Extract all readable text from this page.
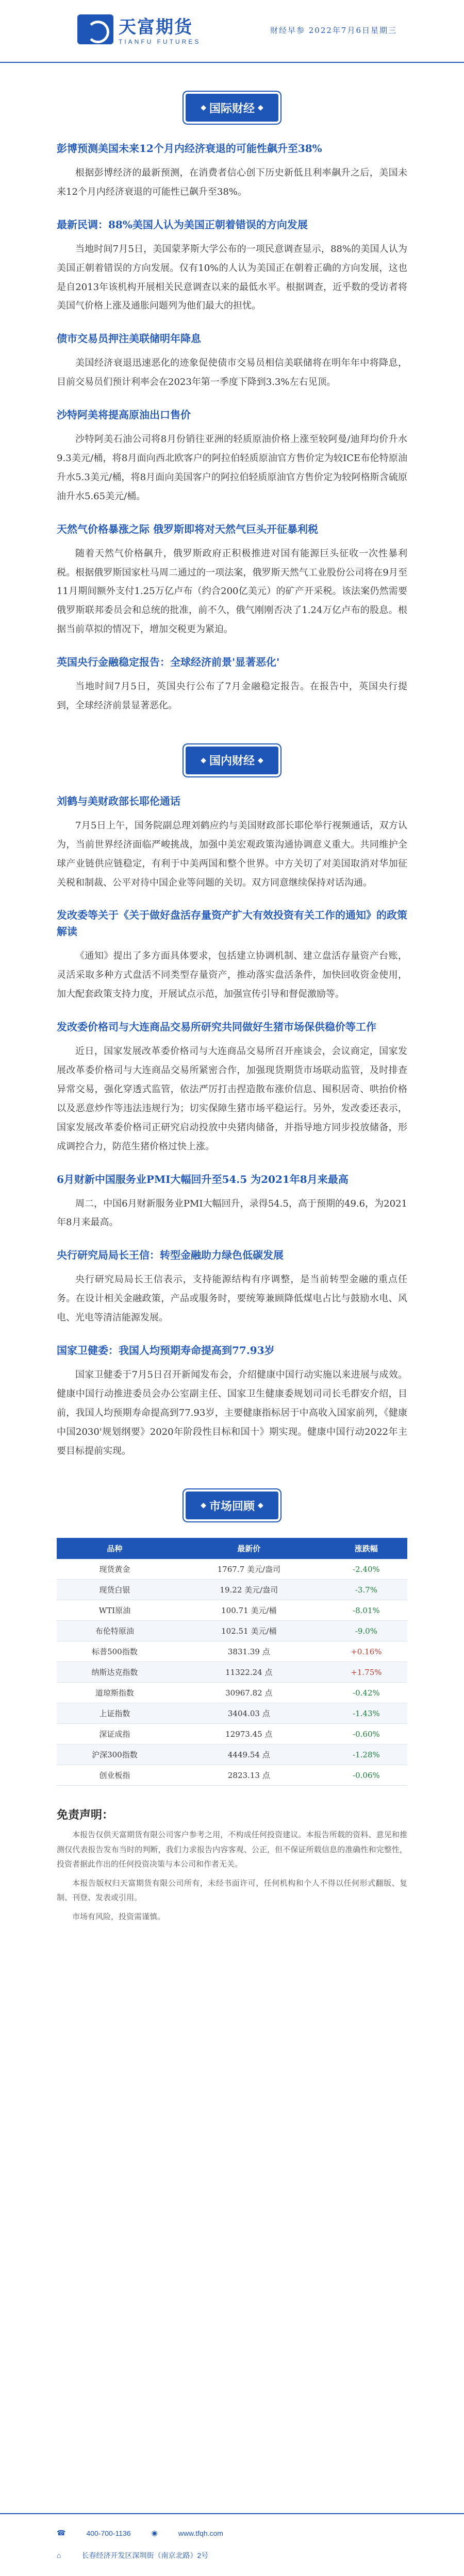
天富期货
TIANFU FUTURES
财经早参 2022年7月6日星期三
◆ 国际财经 ◆
彭博预测美国未来12个月内经济衰退的可能性飙升至38%

根据彭博经济的最新预测，在消费者信心创下历史新低且利率飙升之后，美国未来12个月内经济衰退的可能性已飙升至38%。

最新民调：88%美国人认为美国正朝着错误的方向发展

当地时间7月5日，美国蒙茅斯大学公布的一项民意调查显示，88%的美国人认为美国正朝着错误的方向发展。仅有10%的人认为美国正在朝着正确的方向发展，这也是自2013年该机构开展相关民意调查以来的最低水平。根据调查，近乎数的受访者将美国气价格上涨及通胀问题列为他们最大的担忧。

债市交易员押注美联储明年降息

美国经济衰退迅速恶化的迹象促使债市交易员相信美联储将在明年年中将降息，目前交易员们预计利率会在2023年第一季度下降到3.3%左右见顶。

沙特阿美将提高原油出口售价

沙特阿美石油公司将8月份销往亚洲的轻质原油价格上涨至较阿曼/迪拜均价升水9.3美元/桶，将8月面向西北欧客户的阿拉伯轻质原油官方售价定为较ICE布伦特原油升水5.3美元/桶，将8月面向美国客户的阿拉伯轻质原油官方售价定为较阿格斯含硫原油升水5.65美元/桶。

天然气价格暴涨之际 俄罗斯即将对天然气巨头开征暴利税

随着天然气价格飙升，俄罗斯政府正积极推进对国有能源巨头征收一次性暴利税。根据俄罗斯国家杜马周二通过的一项法案，俄罗斯天然气工业股份公司将在9月至11月期间额外支付1.25万亿卢布（约合200亿美元）的矿产开采税。该法案仍然需要俄罗斯联邦委员会和总统的批准，前不久，俄气刚刚否决了1.24万亿卢布的股息。根据当前草拟的情况下，增加交税更为紧迫。

英国央行金融稳定报告：全球经济前景'显著恶化'

当地时间7月5日，英国央行公布了7月金融稳定报告。在报告中，英国央行提到，全球经济前景显著恶化。

◆ 国内财经 ◆
刘鹤与美财政部长耶伦通话

7月5日上午，国务院副总理刘鹤应约与美国财政部长耶伦举行视频通话，双方认为，当前世界经济面临严峻挑战，加强中美宏观政策沟通协调意义重大。共同维护全球产业链供应链稳定，有利于中美两国和整个世界。中方关切了对美国取消对华加征关税和制裁、公平对待中国企业等问题的关切。双方同意继续保持对话沟通。

发改委等关于《关于做好盘活存量资产扩大有效投资有关工作的通知》的政策解读

《通知》提出了多方面具体要求，包括建立协调机制、建立盘活存量资产台账，灵活采取多种方式盘活不同类型存量资产，推动落实盘活条件，加快回收资金使用，加大配套政策支持力度，开展试点示范，加强宣传引导和督促激励等。

发改委价格司与大连商品交易所研究共同做好生猪市场保供稳价等工作

近日，国家发展改革委价格司与大连商品交易所召开座谈会，会议商定，国家发展改革委价格司与大连商品交易所紧密合作，加强现货期货市场联动监管，及时排查异常交易，强化穿透式监管，依法严厉打击捏造散布涨价信息、囤积居奇、哄抬价格以及恶意炒作等违法违规行为；切实保障生猪市场平稳运行。另外，发改委还表示，国家发展改革委价格司正研究启动投放中央猪肉储备，并指导地方同步投放储备，形成调控合力，防范生猪价格过快上涨。

6月财新中国服务业PMI大幅回升至54.5 为2021年8月来最高

周二，中国6月财新服务业PMI大幅回升，录得54.5，高于预期的49.6，为2021年8月来最高。

央行研究局局长王信：转型金融助力绿色低碳发展

央行研究局局长王信表示，支持能源结构有序调整，是当前转型金融的重点任务。在设计相关金融政策，产品或服务时，要统筹兼顾降低煤电占比与鼓励水电、风电、光电等清洁能源发展。

国家卫健委：我国人均预期寿命提高到77.93岁

国家卫健委于7月5日召开新闻发布会，介绍健康中国行动实施以来进展与成效。健康中国行动推进委员会办公室副主任、国家卫生健康委规划司司长毛群安介绍，目前，我国人均预期寿命提高到77.93岁，主要健康指标居于中高收入国家前列，《健康中国2030'规划纲要》2020年阶段性目标和国十》期实现。健康中国行动2022年主要目标提前实现。

◆ 市场回顾 ◆
品种	最新价	涨跌幅
现货黄金	1767.7 美元/盎司	-2.40%
现货白银	19.22 美元/盎司	-3.7%
WTI原油	100.71 美元/桶	-8.01%
布伦特原油	102.51 美元/桶	-9.0%
标普500指数	3831.39 点	+0.16%
纳斯达克指数	11322.24 点	+1.75%
道琼斯指数	30967.82 点	-0.42%
上证指数	3404.03 点	-1.43%
深证成指	12973.45 点	-0.60%
沪深300指数	4449.54 点	-1.28%
创业板指	2823.13 点	-0.06%
免责声明：

本报告仅供天富期货有限公司客户参考之用，不构成任何投资建议。本报告所载的资料、意见和推测仅代表报告发布当时的判断，我们力求报告内容客观、公正，但不保证所载信息的准确性和完整性，投资者据此作出的任何投资决策与本公司和作者无关。

本报告版权归天富期货有限公司所有，未经书面许可，任何机构和个人不得以任何形式翻版、复制、刊登、发表或引用。

市场有风险，投资需谨慎。

☎	400-700-1136	◉	www.tfqh.com
⌂	长春经济开发区深圳街（南京北路）2号
